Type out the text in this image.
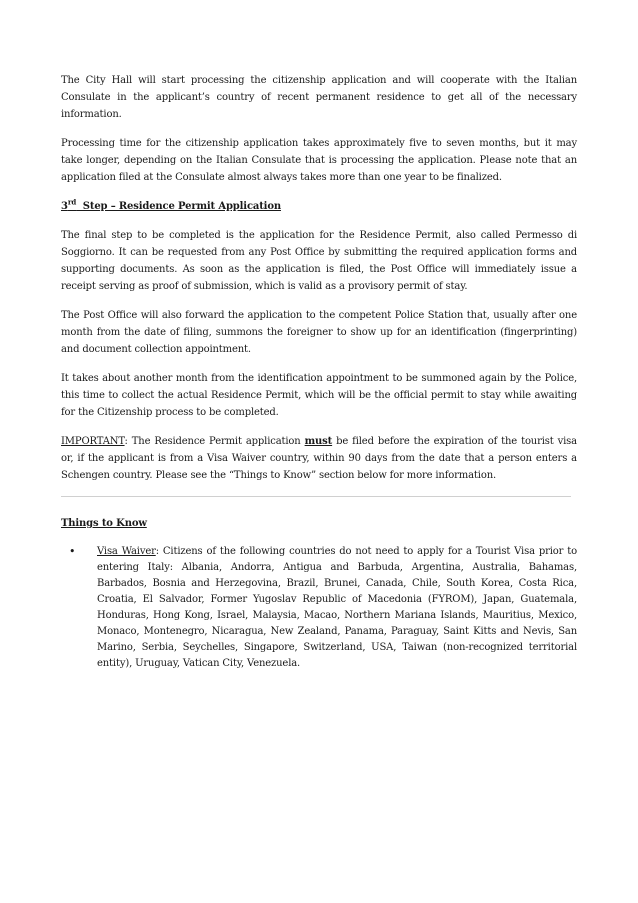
The City Hall will start processing the citizenship application and will cooperate with the Italian Consulate in the applicant’s country of recent permanent residence to get all of the necessary information.

Processing time for the citizenship application takes approximately five to seven months, but it may take longer, depending on the Italian Consulate that is processing the application. Please note that an application filed at the Consulate almost always takes more than one year to be finalized.

3rd  Step – Residence Permit Application

The final step to be completed is the application for the Residence Permit, also called Permesso di Soggiorno. It can be requested from any Post Office by submitting the required application forms and supporting documents. As soon as the application is filed, the Post Office will immediately issue a receipt serving as proof of submission, which is valid as a provisory permit of stay.

The Post Office will also forward the application to the competent Police Station that, usually after one month from the date of filing, summons the foreigner to show up for an identification (fingerprinting) and document collection appointment.

It takes about another month from the identification appointment to be summoned again by the Police, this time to collect the actual Residence Permit, which will be the official permit to stay while awaiting for the Citizenship process to be completed.

IMPORTANT: The Residence Permit application must be filed before the expiration of the tourist visa or, if the applicant is from a Visa Waiver country, within 90 days from the date that a person enters a Schengen country. Please see the “Things to Know” section below for more information.

Things to Know

• Visa Waiver: Citizens of the following countries do not need to apply for a Tourist Visa prior to entering Italy: Albania, Andorra, Antigua and Barbuda, Argentina, Australia, Bahamas, Barbados, Bosnia and Herzegovina, Brazil, Brunei, Canada, Chile, South Korea, Costa Rica, Croatia, El Salvador, Former Yugoslav Republic of Macedonia (FYROM), Japan, Guatemala, Honduras, Hong Kong, Israel, Malaysia, Macao, Northern Mariana Islands, Mauritius, Mexico, Monaco, Montenegro, Nicaragua, New Zealand, Panama, Paraguay, Saint Kitts and Nevis, San Marino, Serbia, Seychelles, Singapore, Switzerland, USA, Taiwan (non-recognized territorial entity), Uruguay, Vatican City, Venezuela.
